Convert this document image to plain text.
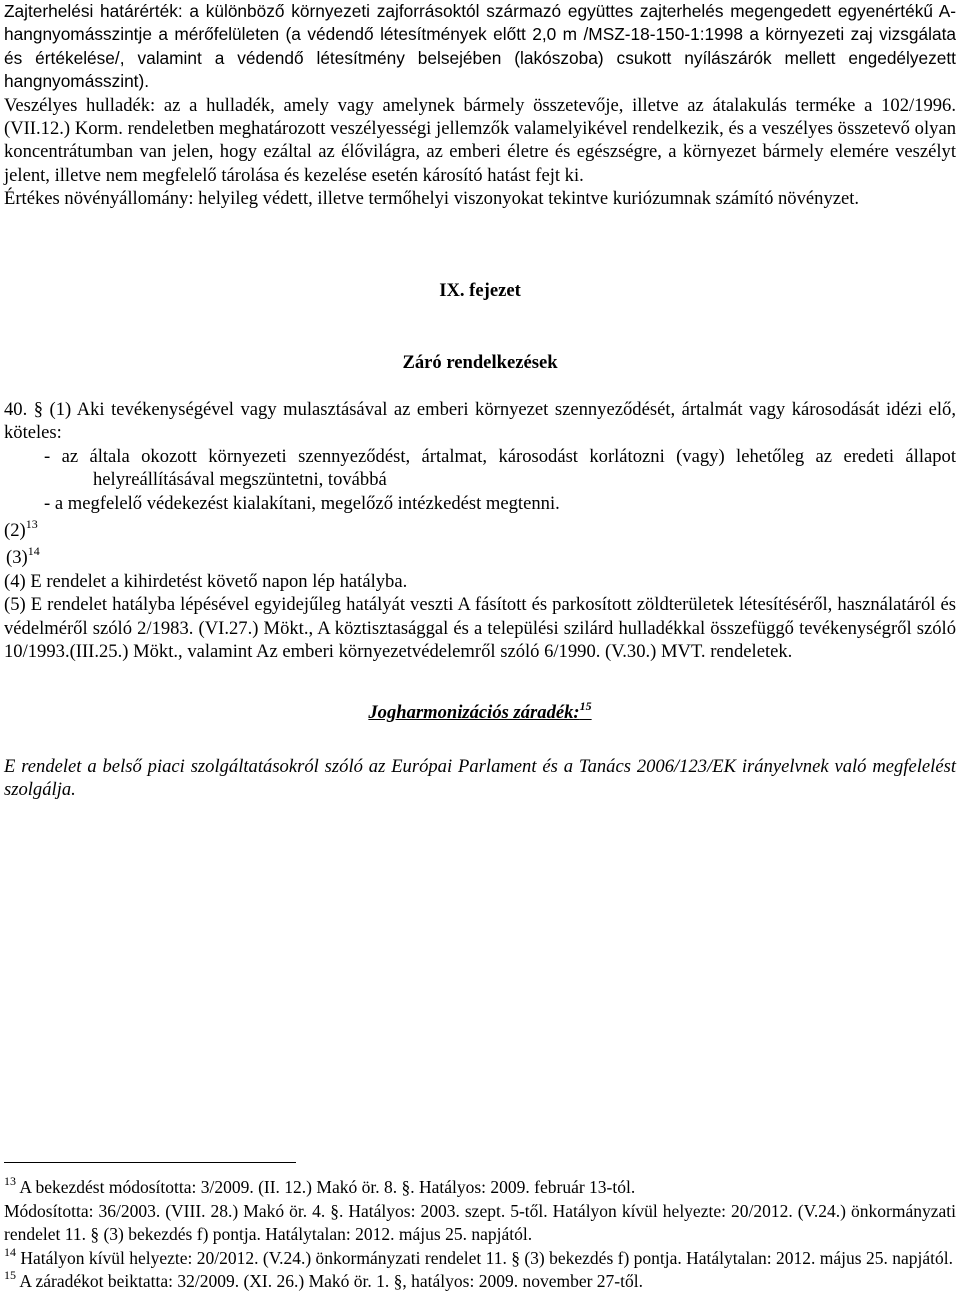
Zajterhelési határérték: a különböző környezeti zajforrásoktól származó együttes zajterhelés megengedett egyenértékű A-hangnyomásszintje a mérőfelületen (a védendő létesítmények előtt 2,0 m /MSZ-18-150-1:1998 a környezeti zaj vizsgálata és értékelése/, valamint a védendő létesítmény belsejében (lakószoba) csukott nyílászárók mellett engedélyezett hangnyomásszint).

Veszélyes hulladék: az a hulladék, amely vagy amelynek bármely összetevője, illetve az átalakulás terméke a 102/1996. (VII.12.) Korm. rendeletben meghatározott veszélyességi jellemzők valamelyikével rendelkezik, és a veszélyes összetevő olyan koncentrátumban van jelen, hogy ezáltal az élővilágra, az emberi életre és egészségre, a környezet bármely elemére veszélyt jelent, illetve nem megfelelő tárolása és kezelése esetén károsító hatást fejt ki.

Értékes növényállomány: helyileg védett, illetve termőhelyi viszonyokat tekintve kuriózumnak számító növényzet.

IX. fejezet
Záró rendelkezések

40. § (1) Aki tevékenységével vagy mulasztásával az emberi környezet szennyeződését, ártalmát vagy károsodását idézi elő, köteles:

- az általa okozott környezeti szennyeződést, ártalmat, károsodást korlátozni (vagy) lehetőleg az eredeti állapot helyreállításával megszüntetni, továbbá

- a megfelelő védekezést kialakítani, megelőző intézkedést megtenni.

$(2)^{13}$

$(3)^{14}$

(4) E rendelet a kihirdetést követő napon lép hatályba.

(5) E rendelet hatályba lépésével egyidejűleg hatályát veszti A fásított és parkosított zöldterületek létesítéséről, használatáról és védelméről szóló 2/1983. (VI.27.) Mökt., A köztisztasággal és a települési szilárd hulladékkal összefüggő tevékenységről szóló 10/1993.(III.25.) Mökt., valamint Az emberi környezetvédelemről szóló 6/1990. (V.30.) MVT. rendeletek.

Jogharmonizációs záradék:$^{15}$

E rendelet a belső piaci szolgáltatásokról szóló az Európai Parlament és a Tanács 2006/123/EK irányelvnek való megfelelést szolgálja.

$^{13}$ A bekezdést módosította: 3/2009. (II. 12.) Makó ör. 8. §. Hatályos: 2009. február 13-tól.

Módosította: 36/2003. (VIII. 28.) Makó ör. 4. §. Hatályos: 2003. szept. 5-től. Hatályon kívül helyezte: 20/2012. (V.24.) önkormányzati rendelet 11. § (3) bekezdés f) pontja. Hatálytalan: 2012. május 25. napjától.

$^{14}$ Hatályon kívül helyezte: 20/2012. (V.24.) önkormányzati rendelet 11. § (3) bekezdés f) pontja. Hatálytalan: 2012. május 25. napjától.

$^{15}$ A záradékot beiktatta: 32/2009. (XI. 26.) Makó ör. 1. §, hatályos: 2009. november 27-től.
